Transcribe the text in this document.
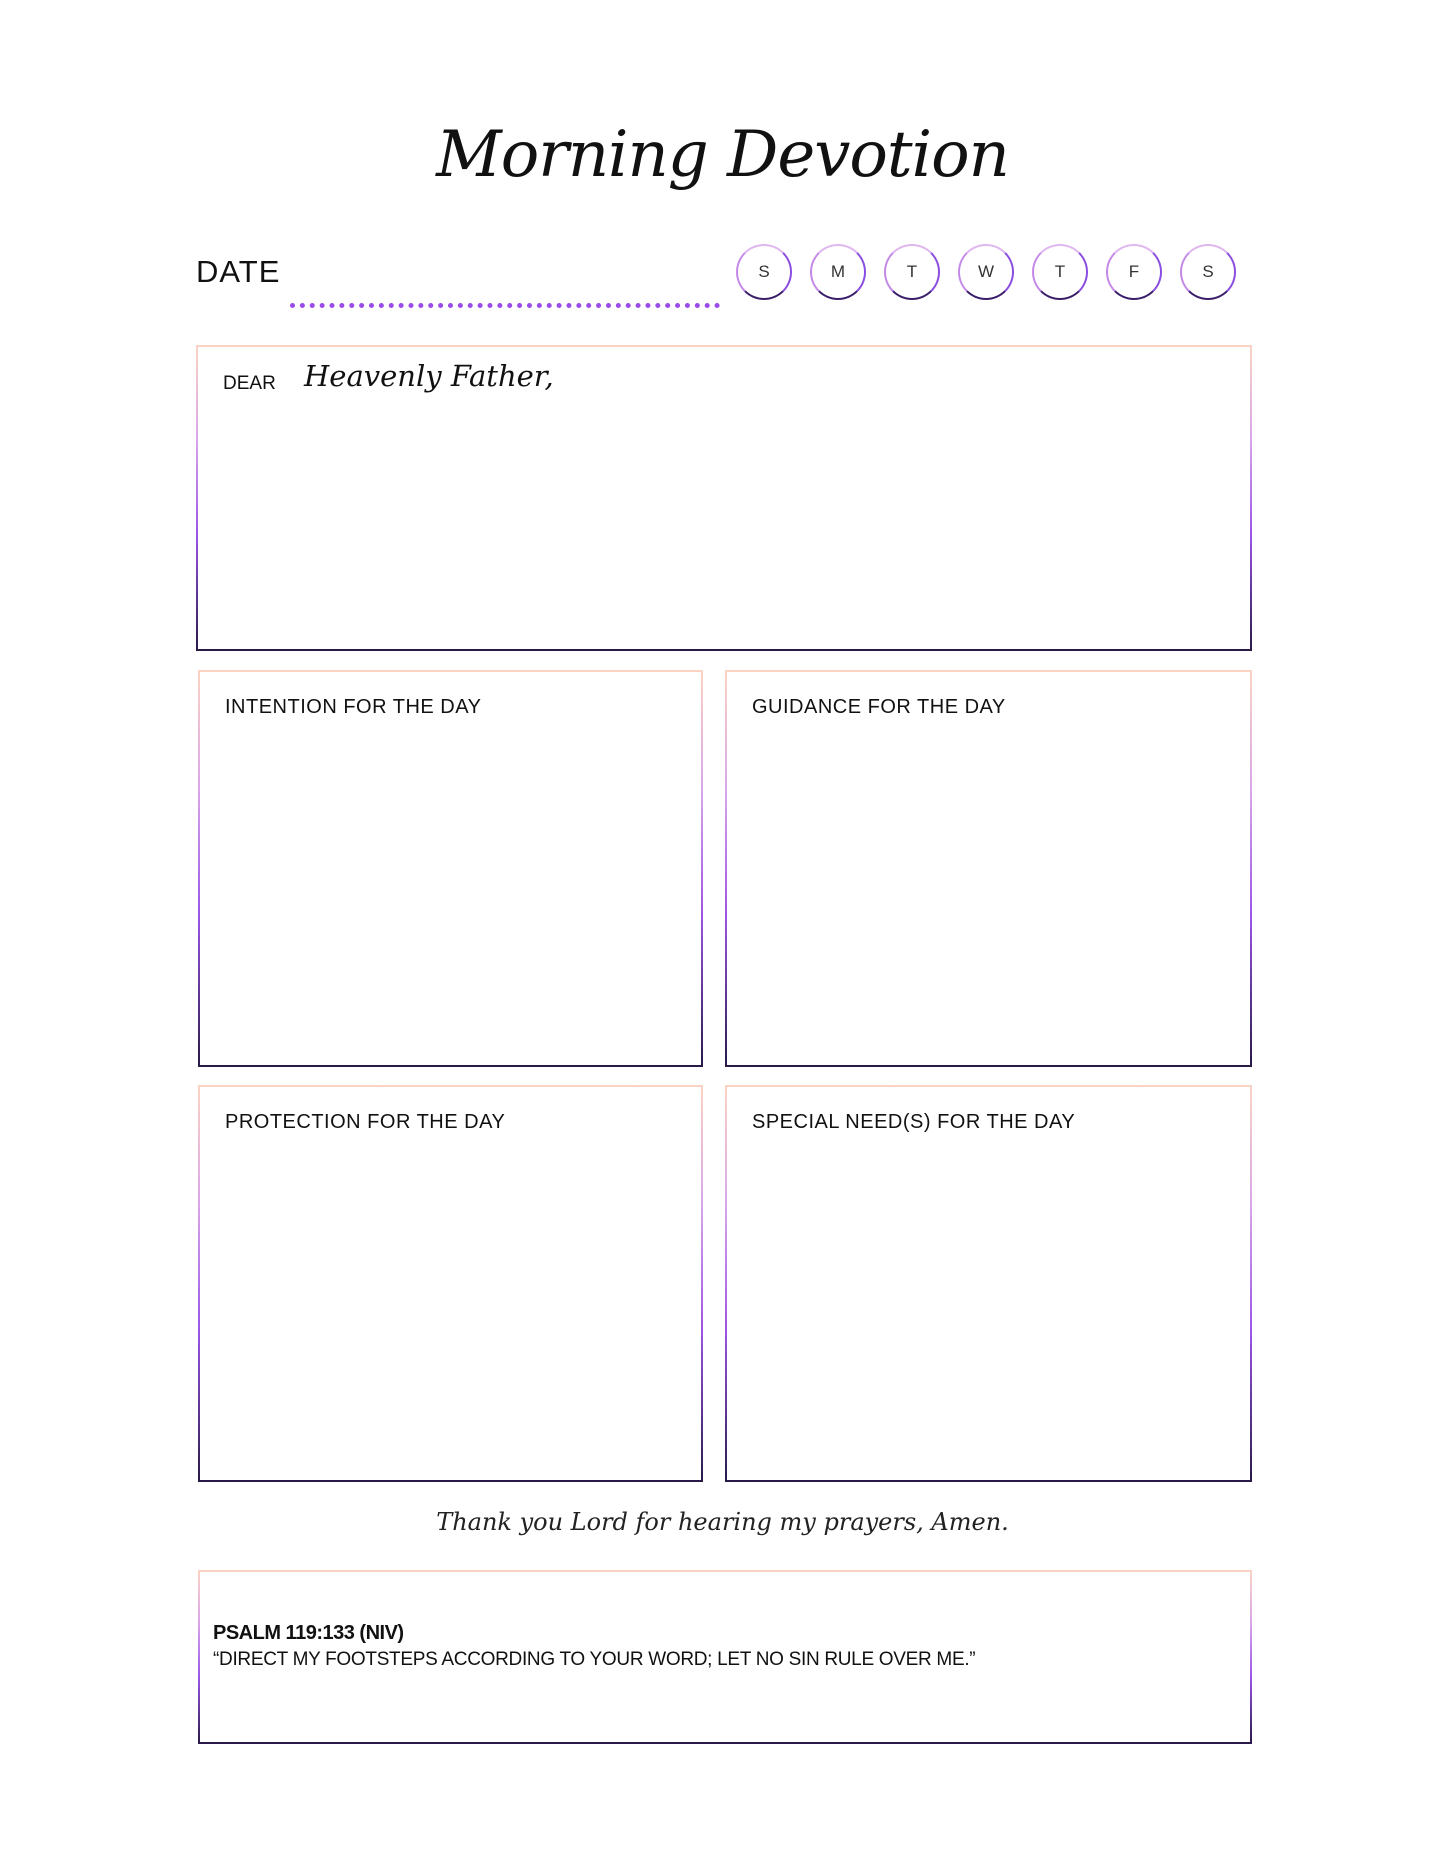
Morning Devotion
DATE	S	M	T	W	T	F	S
DEAR Heavenly Father,
INTENTION FOR THE DAY	GUIDANCE FOR THE DAY
PROTECTION FOR THE DAY	SPECIAL NEED(S) FOR THE DAY
Thank you Lord for hearing my prayers, Amen.
PSALM 119:133 (NIV)
“DIRECT MY FOOTSTEPS ACCORDING TO YOUR WORD; LET NO SIN RULE OVER ME.”
